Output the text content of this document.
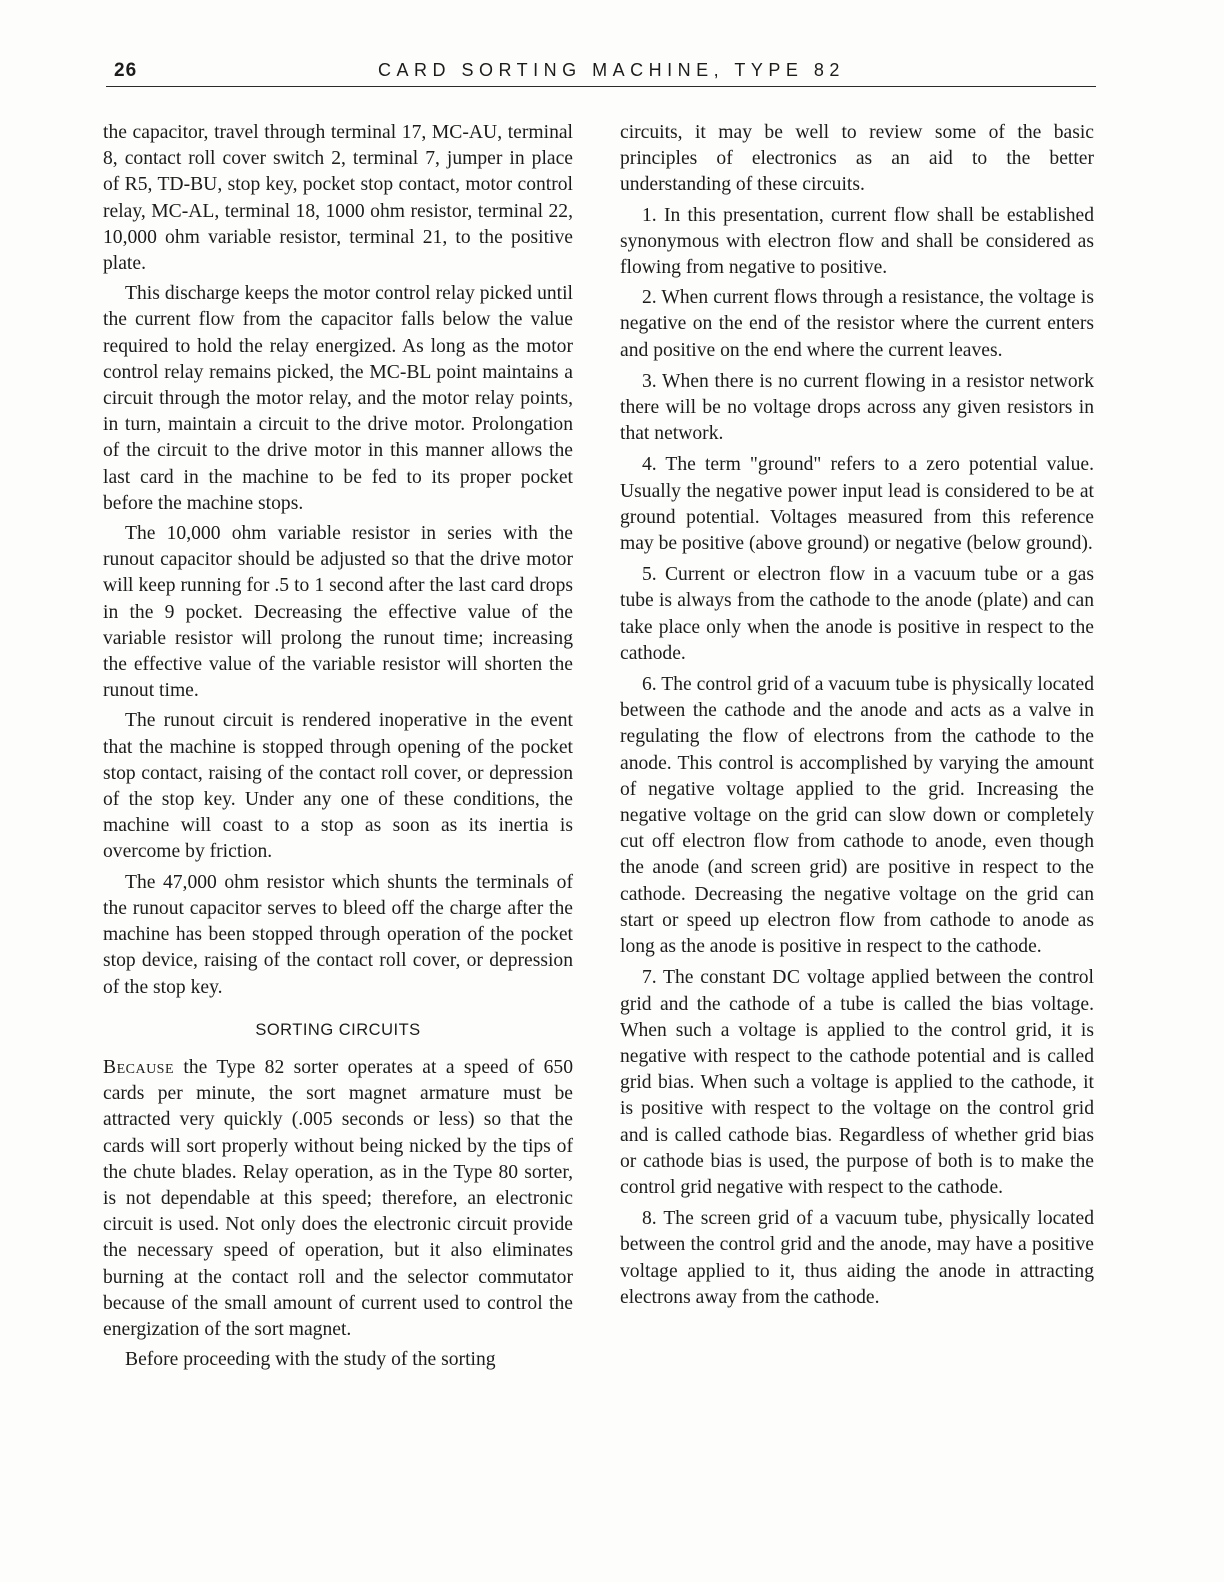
26	CARD SORTING MACHINE, TYPE 82

the capacitor, travel through terminal 17, MC-AU, terminal 8, contact roll cover switch 2, terminal 7, jumper in place of R5, TD-BU, stop key, pocket stop contact, motor control relay, MC-AL, terminal 18, 1000 ohm resistor, terminal 22, 10,000 ohm variable resistor, terminal 21, to the positive plate.

This discharge keeps the motor control relay picked until the current flow from the capacitor falls below the value required to hold the relay energized. As long as the motor control relay remains picked, the MC-BL point maintains a circuit through the motor relay, and the motor relay points, in turn, maintain a circuit to the drive motor. Prolongation of the circuit to the drive motor in this manner allows the last card in the machine to be fed to its proper pocket before the machine stops.

The 10,000 ohm variable resistor in series with the runout capacitor should be adjusted so that the drive motor will keep running for .5 to 1 second after the last card drops in the 9 pocket. Decreasing the effective value of the variable resistor will prolong the runout time; increasing the effective value of the variable resistor will shorten the runout time.

The runout circuit is rendered inoperative in the event that the machine is stopped through opening of the pocket stop contact, raising of the contact roll cover, or depression of the stop key. Under any one of these conditions, the machine will coast to a stop as soon as its inertia is overcome by friction.

The 47,000 ohm resistor which shunts the terminals of the runout capacitor serves to bleed off the charge after the machine has been stopped through operation of the pocket stop device, raising of the contact roll cover, or depression of the stop key.

SORTING CIRCUITS

Because the Type 82 sorter operates at a speed of 650 cards per minute, the sort magnet armature must be attracted very quickly (.005 seconds or less) so that the cards will sort properly without being nicked by the tips of the chute blades. Relay operation, as in the Type 80 sorter, is not dependable at this speed; therefore, an electronic circuit is used. Not only does the electronic circuit provide the necessary speed of operation, but it also eliminates burning at the contact roll and the selector commutator because of the small amount of current used to control the energization of the sort magnet.

Before proceeding with the study of the sorting

circuits, it may be well to review some of the basic principles of electronics as an aid to the better understanding of these circuits.

1. In this presentation, current flow shall be established synonymous with electron flow and shall be considered as flowing from negative to positive.

2. When current flows through a resistance, the voltage is negative on the end of the resistor where the current enters and positive on the end where the current leaves.

3. When there is no current flowing in a resistor network there will be no voltage drops across any given resistors in that network.

4. The term "ground" refers to a zero potential value. Usually the negative power input lead is considered to be at ground potential. Voltages measured from this reference may be positive (above ground) or negative (below ground).

5. Current or electron flow in a vacuum tube or a gas tube is always from the cathode to the anode (plate) and can take place only when the anode is positive in respect to the cathode.

6. The control grid of a vacuum tube is physically located between the cathode and the anode and acts as a valve in regulating the flow of electrons from the cathode to the anode. This control is accomplished by varying the amount of negative voltage applied to the grid. Increasing the negative voltage on the grid can slow down or completely cut off electron flow from cathode to anode, even though the anode (and screen grid) are positive in respect to the cathode. Decreasing the negative voltage on the grid can start or speed up electron flow from cathode to anode as long as the anode is positive in respect to the cathode.

7. The constant DC voltage applied between the control grid and the cathode of a tube is called the bias voltage. When such a voltage is applied to the control grid, it is negative with respect to the cathode potential and is called grid bias. When such a voltage is applied to the cathode, it is positive with respect to the voltage on the control grid and is called cathode bias. Regardless of whether grid bias or cathode bias is used, the purpose of both is to make the control grid negative with respect to the cathode.

8. The screen grid of a vacuum tube, physically located between the control grid and the anode, may have a positive voltage applied to it, thus aiding the anode in attracting electrons away from the cathode.
